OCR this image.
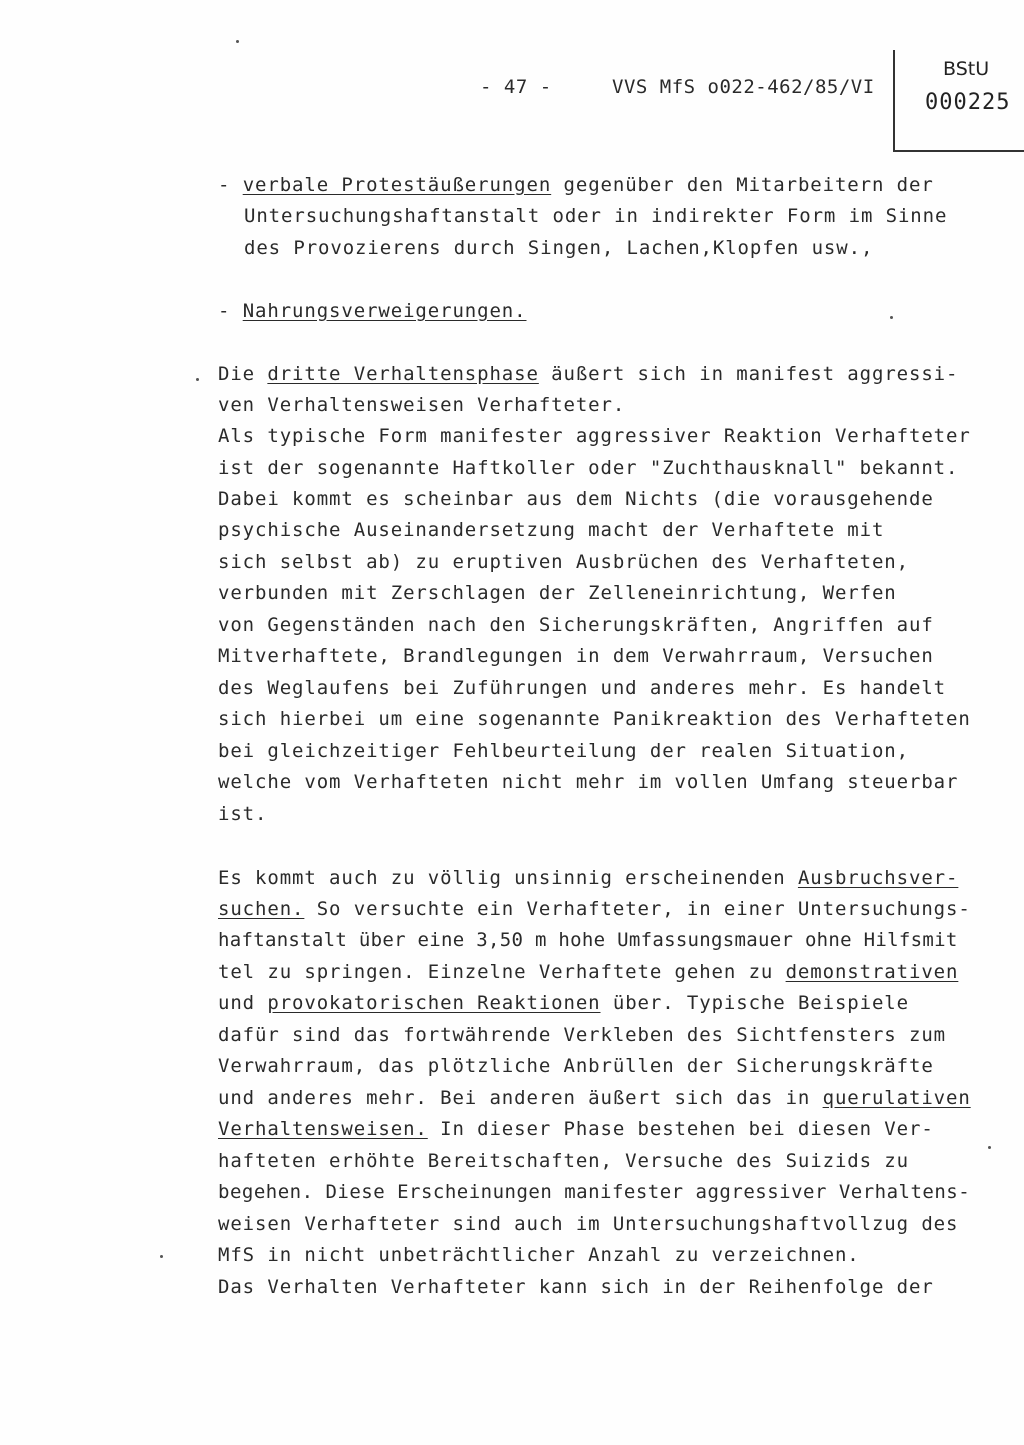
- 47 -

	VVS MfS o022-462/85/VI

BStU
000225
- verbale Protestäußerungen gegenüber den Mitarbeitern der
Untersuchungshaftanstalt oder in indirekter Form im Sinne
des Provozierens durch Singen, Lachen,Klopfen usw.,
- Nahrungsverweigerungen.
Die dritte Verhaltensphase äußert sich in manifest aggressi-
ven Verhaltensweisen Verhafteter.
Als typische Form manifester aggressiver Reaktion Verhafteter
ist der sogenannte Haftkoller oder "Zuchthausknall" bekannt.
Dabei kommt es scheinbar aus dem Nichts (die vorausgehende
psychische Auseinandersetzung macht der Verhaftete mit
sich selbst ab) zu eruptiven Ausbrüchen des Verhafteten,
verbunden mit Zerschlagen der Zelleneinrichtung, Werfen
von Gegenständen nach den Sicherungskräften, Angriffen auf
Mitverhaftete, Brandlegungen in dem Verwahrraum, Versuchen
des Weglaufens bei Zuführungen und anderes mehr. Es handelt
sich hierbei um eine sogenannte Panikreaktion des Verhafteten
bei gleichzeitiger Fehlbeurteilung der realen Situation,
welche vom Verhafteten nicht mehr im vollen Umfang steuerbar
ist.
Es kommt auch zu völlig unsinnig erscheinenden Ausbruchsver-
suchen. So versuchte ein Verhafteter, in einer Untersuchungs-
haftanstalt über eine 3,50 m hohe Umfassungsmauer ohne Hilfsmit
tel zu springen. Einzelne Verhaftete gehen zu demonstrativen
und provokatorischen Reaktionen über. Typische Beispiele
dafür sind das fortwährende Verkleben des Sichtfensters zum
Verwahrraum, das plötzliche Anbrüllen der Sicherungskräfte
und anderes mehr. Bei anderen äußert sich das in querulativen
Verhaltensweisen. In dieser Phase bestehen bei diesen Ver-
hafteten erhöhte Bereitschaften, Versuche des Suizids zu
begehen. Diese Erscheinungen manifester aggressiver Verhaltens-
weisen Verhafteter sind auch im Untersuchungshaftvollzug des
MfS in nicht unbeträchtlicher Anzahl zu verzeichnen.
Das Verhalten Verhafteter kann sich in der Reihenfolge der
